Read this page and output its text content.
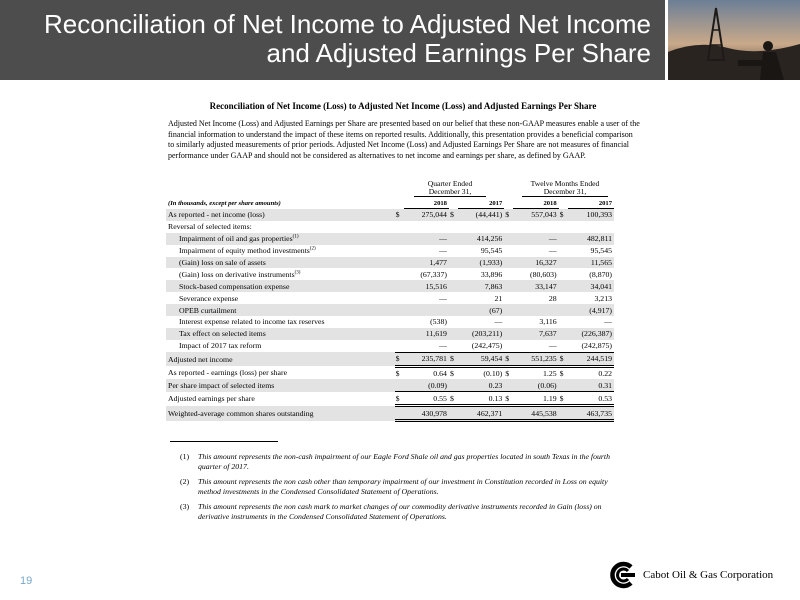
Reconciliation of Net Income to Adjusted Net Income
and Adjusted Earnings Per Share
Reconciliation of Net Income (Loss) to Adjusted Net Income (Loss) and Adjusted Earnings Per Share
Adjusted Net Income (Loss) and Adjusted Earnings per Share are presented based on our belief that these non-GAAP measures enable a user of the financial information to understand the impact of these items on reported results. Additionally, this presentation provides a beneficial comparison to similarly adjusted measurements of prior periods. Adjusted Net Income (Loss) and Adjusted Earnings Per Share are not measures of financial performance under GAAP and should not be considered as alternatives to net income and earnings per share, as defined by GAAP.
Quarter Ended
December 31,
Twelve Months Ended
December 31,
(In thousands, except per share amounts)		2018		2017		2018		2017
As reported - net income (loss)	$	275,044	$	(44,441)	$	557,043	$	100,393
Reversal of selected items:								
Impairment of oil and gas properties$^{(1)}$		—		414,256		—		482,811
Impairment of equity method investments$^{(2)}$		—		95,545		—		95,545
(Gain) loss on sale of assets		1,477		(1,933)		16,327		11,565
(Gain) loss on derivative instruments$^{(3)}$		(67,337)		33,896		(80,603)		(8,870)
Stock-based compensation expense		15,516		7,863		33,147		34,041
Severance expense		—		21		28		3,213
OPEB curtailment				(67)				(4,917)
Interest expense related to income tax reserves		(538)		—		3,116		—
Tax effect on selected items		11,619		(203,211)		7,637		(226,387)
Impact of 2017 tax reform		—		(242,475)		—		(242,875)
Adjusted net income	$	235,781	$	59,454	$	551,235	$	244,519
As reported - earnings (loss) per share	$	0.64	$	(0.10)	$	1.25	$	0.22
Per share impact of selected items		(0.09)		0.23		(0.06)		0.31
Adjusted earnings per share	$	0.55	$	0.13	$	1.19	$	0.53
Weighted-average common shares outstanding		430,978		462,371		445,538		463,735
(1)	This amount represents the non-cash impairment of our Eagle Ford Shale oil and gas properties located in south Texas in the fourth quarter of 2017.
(2)	This amount represents the non cash other than temporary impairment of our investment in Constitution recorded in Loss on equity method investments in the Condensed Consolidated Statement of Operations.
(3)	This amount represents the non cash mark to market changes of our commodity derivative instruments recorded in Gain (loss) on derivative instruments in the Condensed Consolidated Statement of Operations.
19	Cabot Oil & Gas Corporation
